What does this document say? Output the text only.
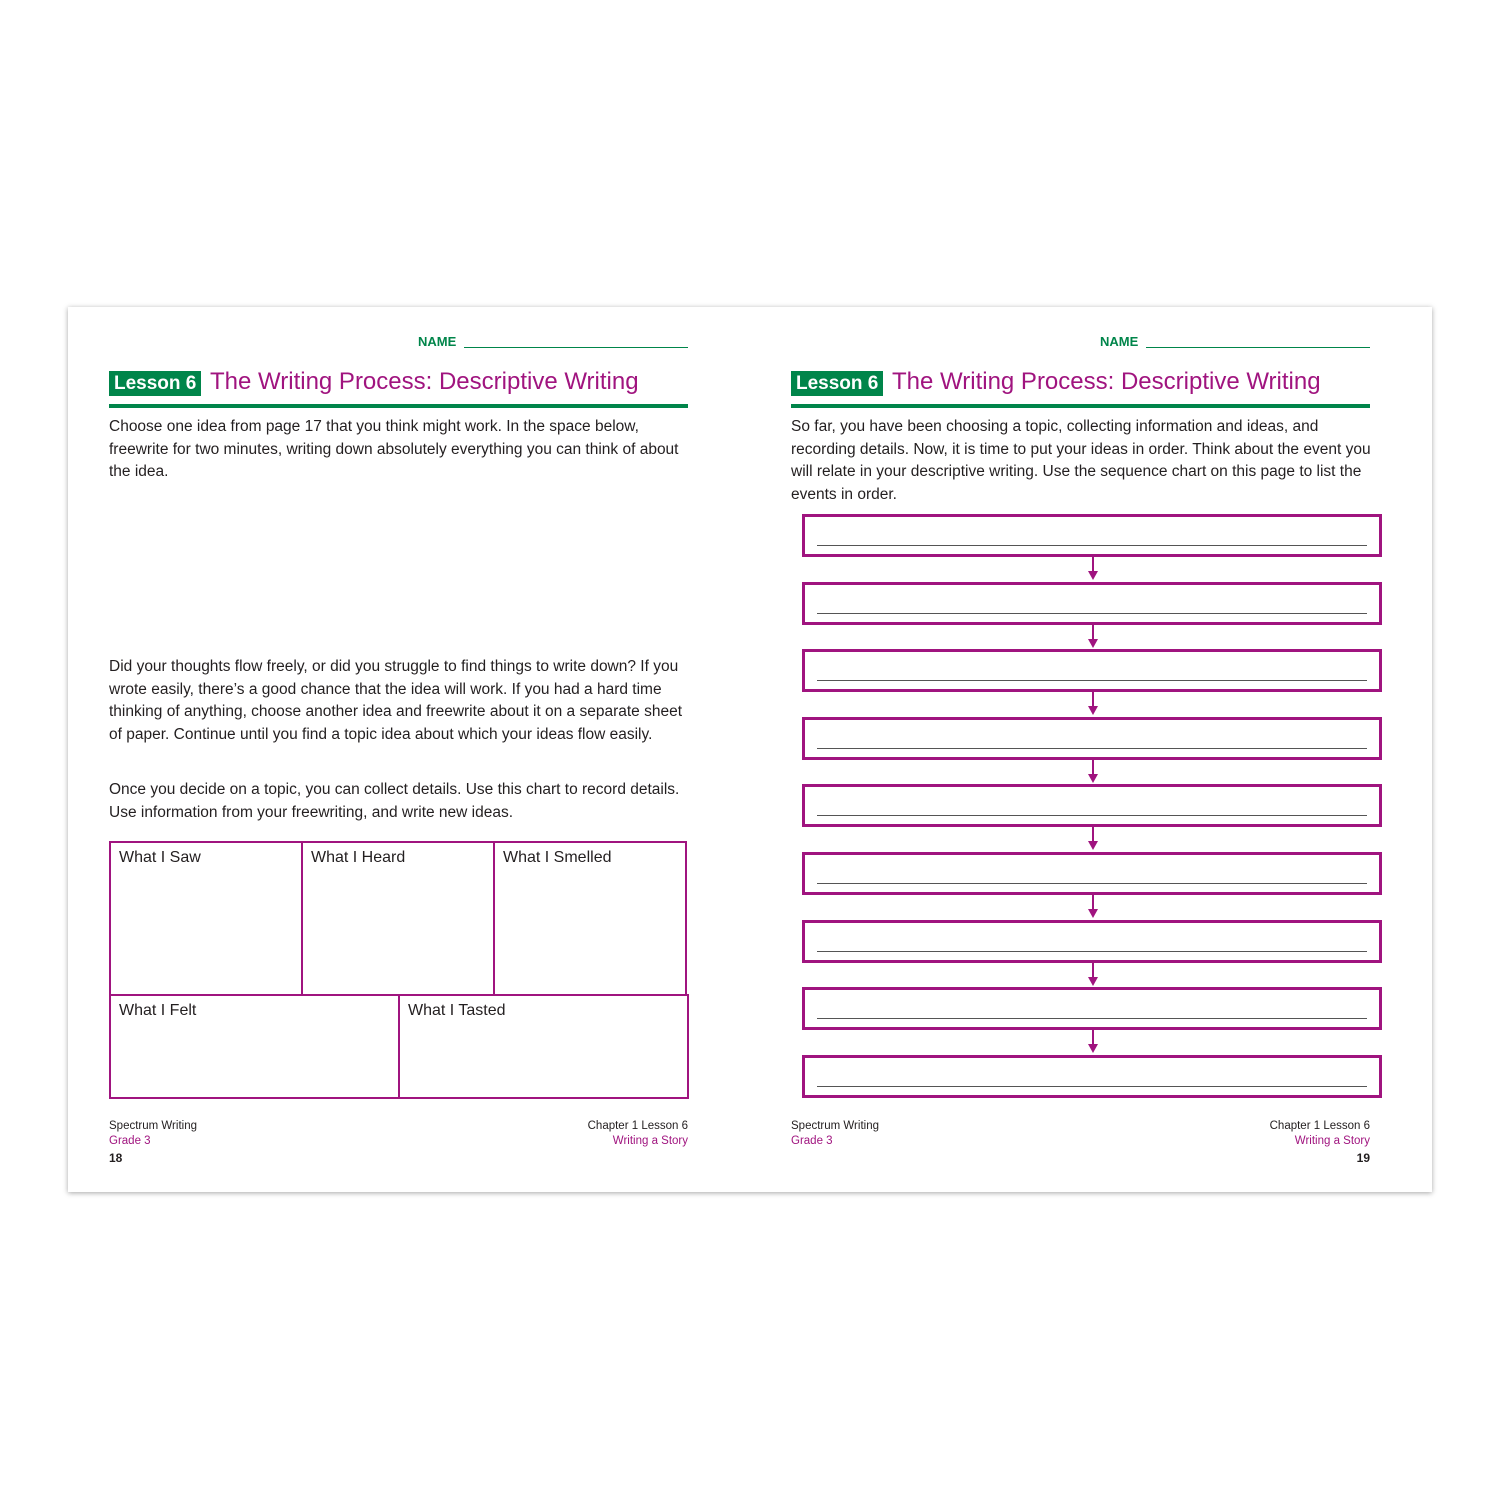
NAME
Lesson 6 The Writing Process: Descriptive Writing

Choose one idea from page 17 that you think might work. In the space below, freewrite for two minutes, writing down absolutely everything you can think of about the idea.

Did your thoughts flow freely, or did you struggle to find things to write down? If you wrote easily, there’s a good chance that the idea will work. If you had a hard time thinking of anything, choose another idea and freewrite about it on a separate sheet of paper. Continue until you find a topic idea about which your ideas flow easily.

Once you decide on a topic, you can collect details. Use this chart to record details. Use information from your freewriting, and write new ideas.

What I Saw	What I Heard	What I Smelled
What I Felt	What I Tasted
Spectrum Writing
Grade 3
Chapter 1 Lesson 6
Writing a Story
18
NAME
Lesson 6 The Writing Process: Descriptive Writing

So far, you have been choosing a topic, collecting information and ideas, and recording details. Now, it is time to put your ideas in order. Think about the event you will relate in your descriptive writing. Use the sequence chart on this page to list the events in order.

Spectrum Writing
Grade 3
Chapter 1 Lesson 6
Writing a Story
19
